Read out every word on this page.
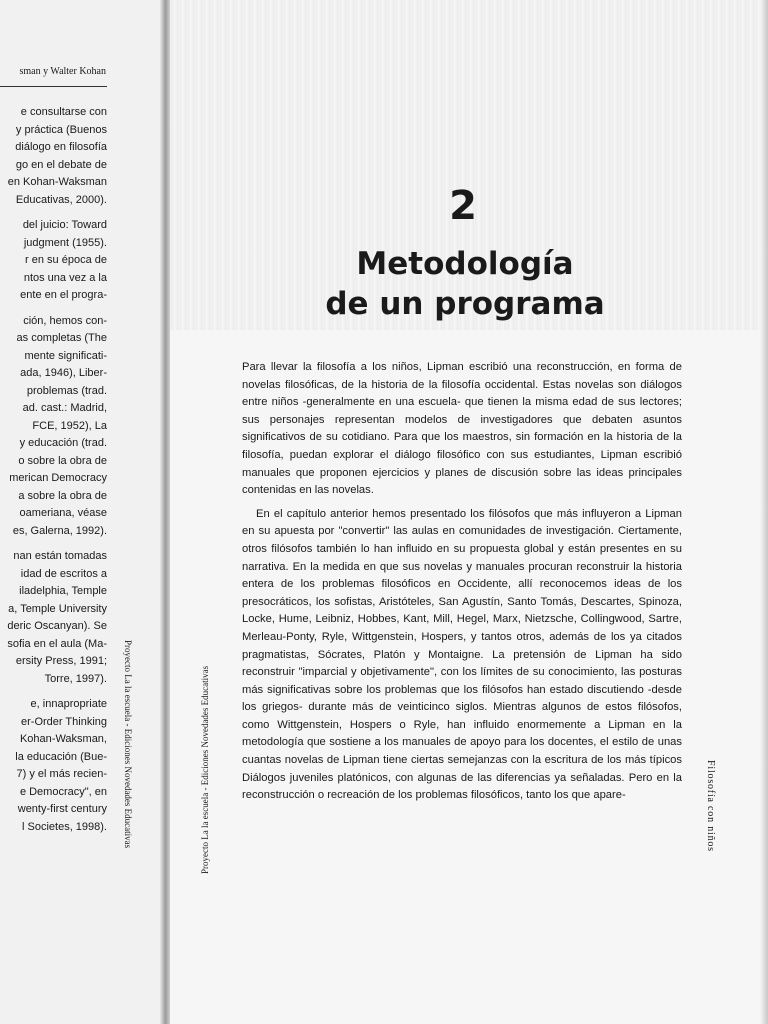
sman y Walter Kohan
e consultarse con
y práctica (Buenos
diálogo en filosofía
go en el debate de
en Kohan-Waksman
Educativas, 2000).
del juicio: Toward
judgment (1955).
r en su época de
ntos una vez a la
ente en el progra-
ción, hemos con-
as completas (The
mente significati-
ada, 1946), Liber-
problemas (trad.
ad. cast.: Madrid,
FCE, 1952), La
y educación (trad.
o sobre la obra de
merican Democracy
a sobre la obra de
oameriana, véase
es, Galerna, 1992).
nan están tomadas
idad de escritos a
iladelphia, Temple
a, Temple University
deric Oscanyan). Se
sofia en el aula (Ma-
ersity Press, 1991;
Torre, 1997).
e, innapropriate
er-Order Thinking
Kohan-Waksman,
la educación (Bue-
7) y el más recien-
e Democracy", en
wenty-first century
l Societes, 1998). Proyecto La la escuela - Ediciones Novedades Educativas
2
Metodología
de un programa

Para llevar la filosofía a los niños, Lipman escribió una reconstrucción, en forma de novelas filosóficas, de la historia de la filosofía occidental. Estas novelas son diálogos entre niños -generalmente en una escuela- que tienen la misma edad de sus lectores; sus personajes representan modelos de investigadores que debaten asuntos significativos de su cotidiano. Para que los maestros, sin formación en la historia de la filosofía, puedan explorar el diálogo filosófico con sus estudiantes, Lipman escribió manuales que proponen ejercicios y planes de discusión sobre las ideas principales contenidas en las novelas.

En el capítulo anterior hemos presentado los filósofos que más influyeron a Lipman en su apuesta por "convertir" las aulas en comunidades de investigación. Ciertamente, otros filósofos también lo han influido en su propuesta global y están presentes en su narrativa. En la medida en que sus novelas y manuales procuran reconstruir la historia entera de los problemas filosóficos en Occidente, allí reconocemos ideas de los presocráticos, los sofistas, Aristóteles, San Agustín, Santo Tomás, Descartes, Spinoza, Locke, Hume, Leibniz, Hobbes, Kant, Mill, Hegel, Marx, Nietzsche, Collingwood, Sartre, Merleau-Ponty, Ryle, Wittgenstein, Hospers, y tantos otros, además de los ya citados pragmatistas, Sócrates, Platón y Montaigne. La pretensión de Lipman ha sido reconstruir "imparcial y objetivamente", con los límites de su conocimiento, las posturas más significativas sobre los problemas que los filósofos han estado discutiendo -desde los griegos- durante más de veinticinco siglos. Mientras algunos de estos filósofos, como Wittgenstein, Hospers o Ryle, han influido enormemente a Lipman en la metodología que sostiene a los manuales de apoyo para los docentes, el estilo de unas cuantas novelas de Lipman tiene ciertas semejanzas con la escritura de los más típicos Diálogos juveniles platónicos, con algunas de las diferencias ya señaladas. Pero en la reconstrucción o recreación de los problemas filosóficos, tanto los que apare-

Proyecto La la escuela - Ediciones Novedades Educativas	Filosofía con niños
